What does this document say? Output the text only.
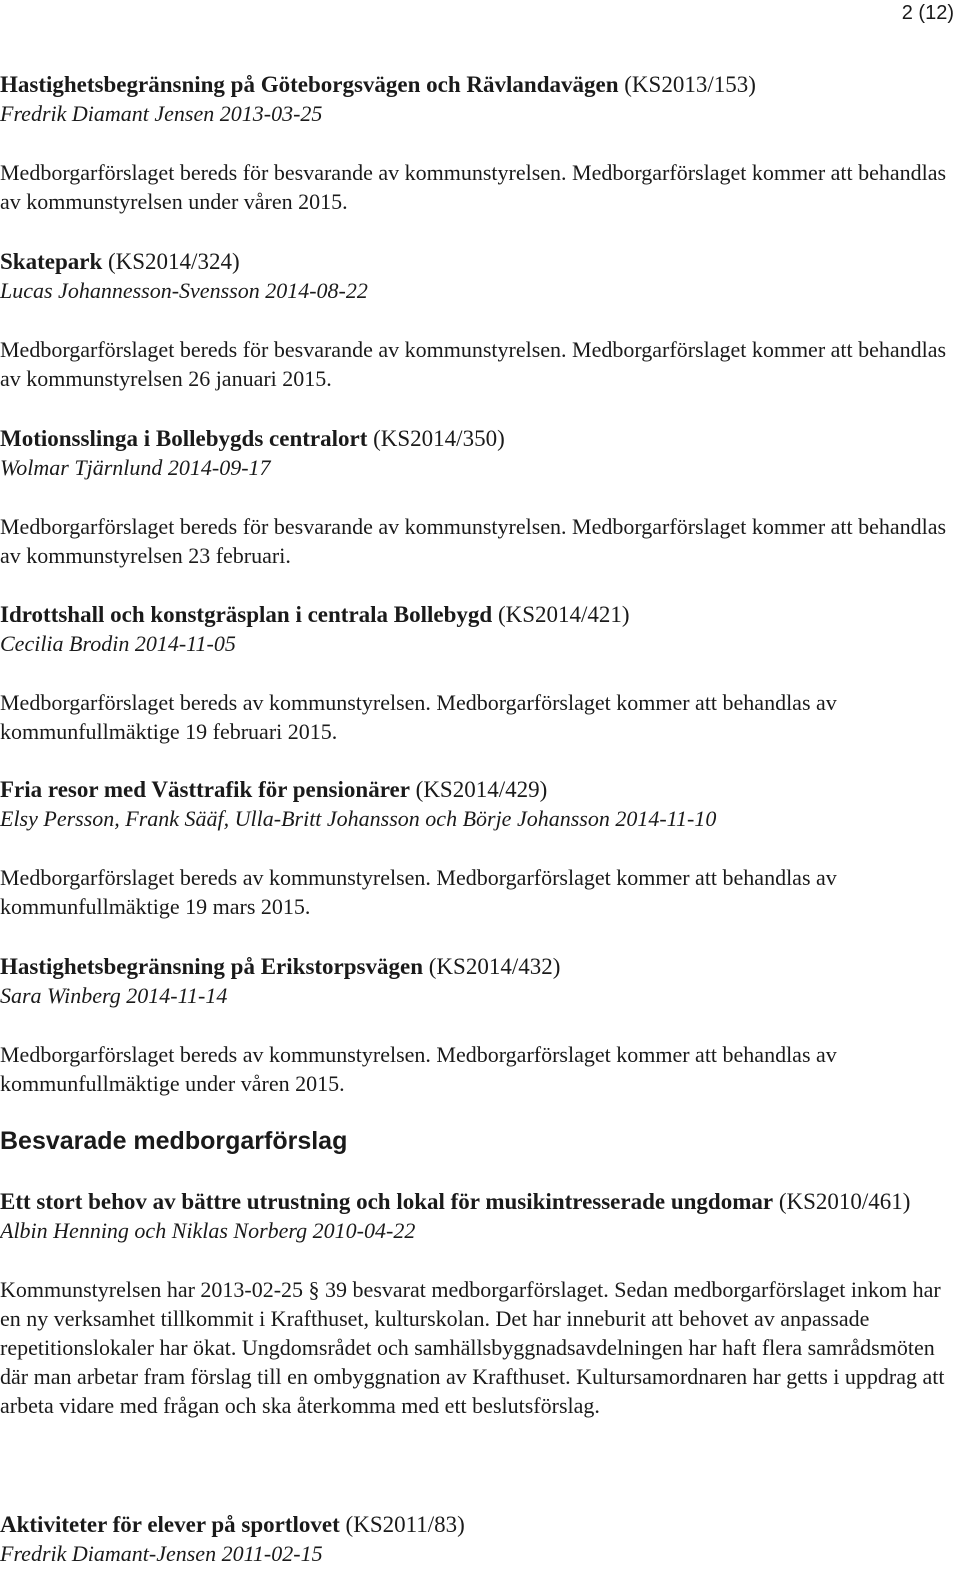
2 (12)

Hastighetsbegränsning på Göteborgsvägen och Rävlandavägen (KS2013/153)

Fredrik Diamant Jensen 2013-03-25

Medborgarförslaget bereds för besvarande av kommunstyrelsen. Medborgarförslaget kommer att behandlas av kommunstyrelsen under våren 2015.

Skatepark (KS2014/324)

Lucas Johannesson-Svensson 2014-08-22

Medborgarförslaget bereds för besvarande av kommunstyrelsen. Medborgarförslaget kommer att behandlas av kommunstyrelsen 26 januari 2015.

Motionsslinga i Bollebygds centralort (KS2014/350)

Wolmar Tjärnlund 2014-09-17

Medborgarförslaget bereds för besvarande av kommunstyrelsen. Medborgarförslaget kommer att behandlas av kommunstyrelsen 23 februari.

Idrottshall och konstgräsplan i centrala Bollebygd (KS2014/421)

Cecilia Brodin 2014-11-05

Medborgarförslaget bereds av kommunstyrelsen. Medborgarförslaget kommer att behandlas av kommunfullmäktige 19 februari 2015.

Fria resor med Västtrafik för pensionärer (KS2014/429)

Elsy Persson, Frank Sääf, Ulla-Britt Johansson och Börje Johansson 2014-11-10

Medborgarförslaget bereds av kommunstyrelsen. Medborgarförslaget kommer att behandlas av kommunfullmäktige 19 mars 2015.

Hastighetsbegränsning på Erikstorpsvägen (KS2014/432)

Sara Winberg 2014-11-14

Medborgarförslaget bereds av kommunstyrelsen. Medborgarförslaget kommer att behandlas av kommunfullmäktige under våren 2015.

Besvarade medborgarförslag

Ett stort behov av bättre utrustning och lokal för musikintresserade ungdomar (KS2010/461)

Albin Henning och Niklas Norberg 2010-04-22

Kommunstyrelsen har 2013-02-25 § 39 besvarat medborgarförslaget. Sedan medborgarförslaget inkom har en ny verksamhet tillkommit i Krafthuset, kulturskolan. Det har inneburit att behovet av anpassade repetitionslokaler har ökat. Ungdomsrådet och samhällsbyggnadsavdelningen har haft flera samrådsmöten där man arbetar fram förslag till en ombyggnation av Krafthuset. Kultursamordnaren har getts i uppdrag att arbeta vidare med frågan och ska återkomma med ett beslutsförslag.

Aktiviteter för elever på sportlovet (KS2011/83)

Fredrik Diamant-Jensen 2011-02-15
